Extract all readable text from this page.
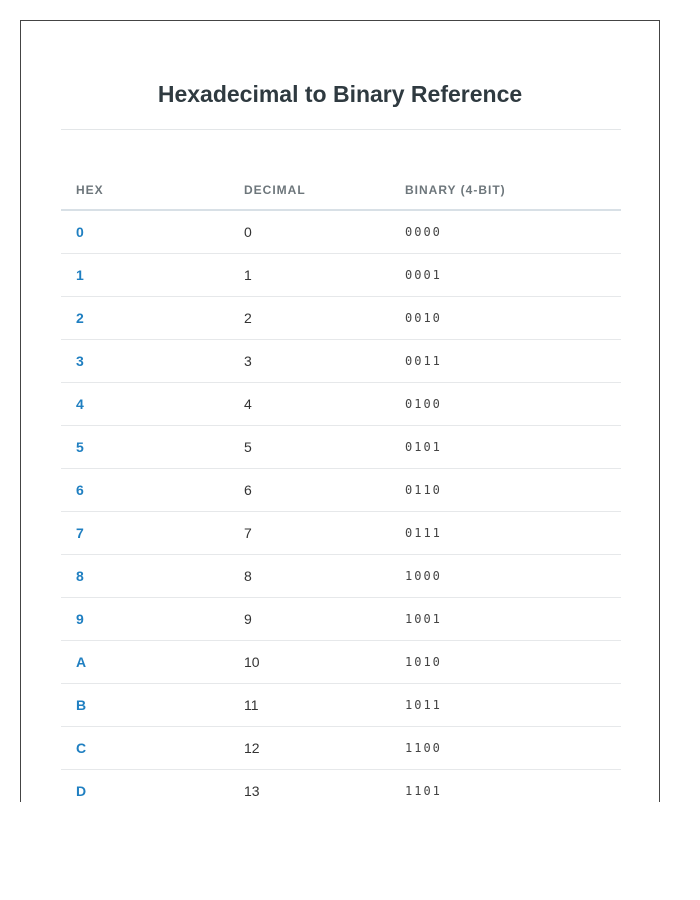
Hexadecimal to Binary Reference
HEX	DECIMAL	BINARY (4-BIT)
0	0	0000
1	1	0001
2	2	0010
3	3	0011
4	4	0100
5	5	0101
6	6	0110
7	7	0111
8	8	1000
9	9	1001
A	10	1010
B	11	1011
C	12	1100
D	13	1101
